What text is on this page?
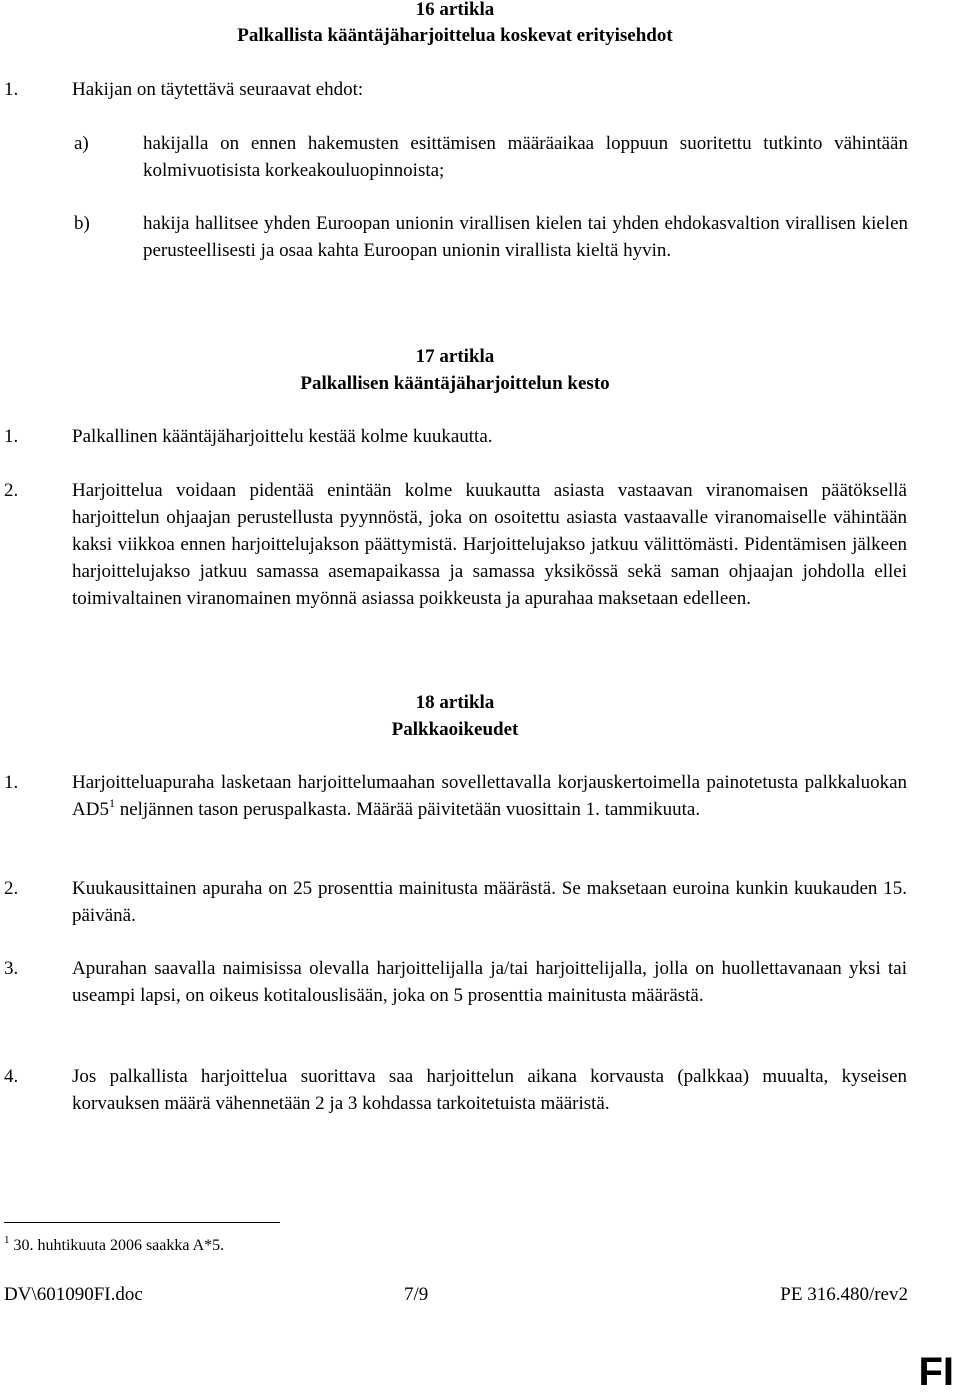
16 artikla
Palkallista kääntäjäharjoittelua koskevat erityisehdot
1.	Hakijan on täytettävä seuraavat ehdot:
a)	hakijalla on ennen hakemusten esittämisen määräaikaa loppuun suoritettu tutkinto vähintään kolmivuotisista korkeakouluopinnoista;
b)	hakija hallitsee yhden Euroopan unionin virallisen kielen tai yhden ehdokasvaltion virallisen kielen perusteellisesti ja osaa kahta Euroopan unionin virallista kieltä hyvin.
17 artikla
Palkallisen kääntäjäharjoittelun kesto
1.	Palkallinen kääntäjäharjoittelu kestää kolme kuukautta.
2.	Harjoittelua voidaan pidentää enintään kolme kuukautta asiasta vastaavan viranomaisen päätöksellä harjoittelun ohjaajan perustellusta pyynnöstä, joka on osoitettu asiasta vastaavalle viranomaiselle vähintään kaksi viikkoa ennen harjoittelujakson päättymistä. Harjoittelujakso jatkuu välittömästi. Pidentämisen jälkeen harjoittelujakso jatkuu samassa asemapaikassa ja samassa yksikössä sekä saman ohjaajan johdolla ellei toimivaltainen viranomainen myönnä asiassa poikkeusta ja apurahaa maksetaan edelleen.
18 artikla
Palkkaoikeudet
1.	Harjoitteluapuraha lasketaan harjoittelumaahan sovellettavalla korjauskertoimella painotetusta palkkaluokan $AD5^1$ neljännen tason peruspalkasta. Määrää päivitetään vuosittain 1. tammikuuta.
2.	Kuukausittainen apuraha on 25 prosenttia mainitusta määrästä. Se maksetaan euroina kunkin kuukauden 15. päivänä.
3.	Apurahan saavalla naimisissa olevalla harjoittelijalla ja/tai harjoittelijalla, jolla on huollettavanaan yksi tai useampi lapsi, on oikeus kotitalouslisään, joka on 5 prosenttia mainitusta määrästä.
4.	Jos palkallista harjoittelua suorittava saa harjoittelun aikana korvausta (palkkaa) muualta, kyseisen korvauksen määrä vähennetään 2 ja 3 kohdassa tarkoitetuista määristä.
$^1$ 30. huhtikuuta 2006 saakka A*5.
DV\601090FI.doc	7/9	PE 316.480/rev2
FI
